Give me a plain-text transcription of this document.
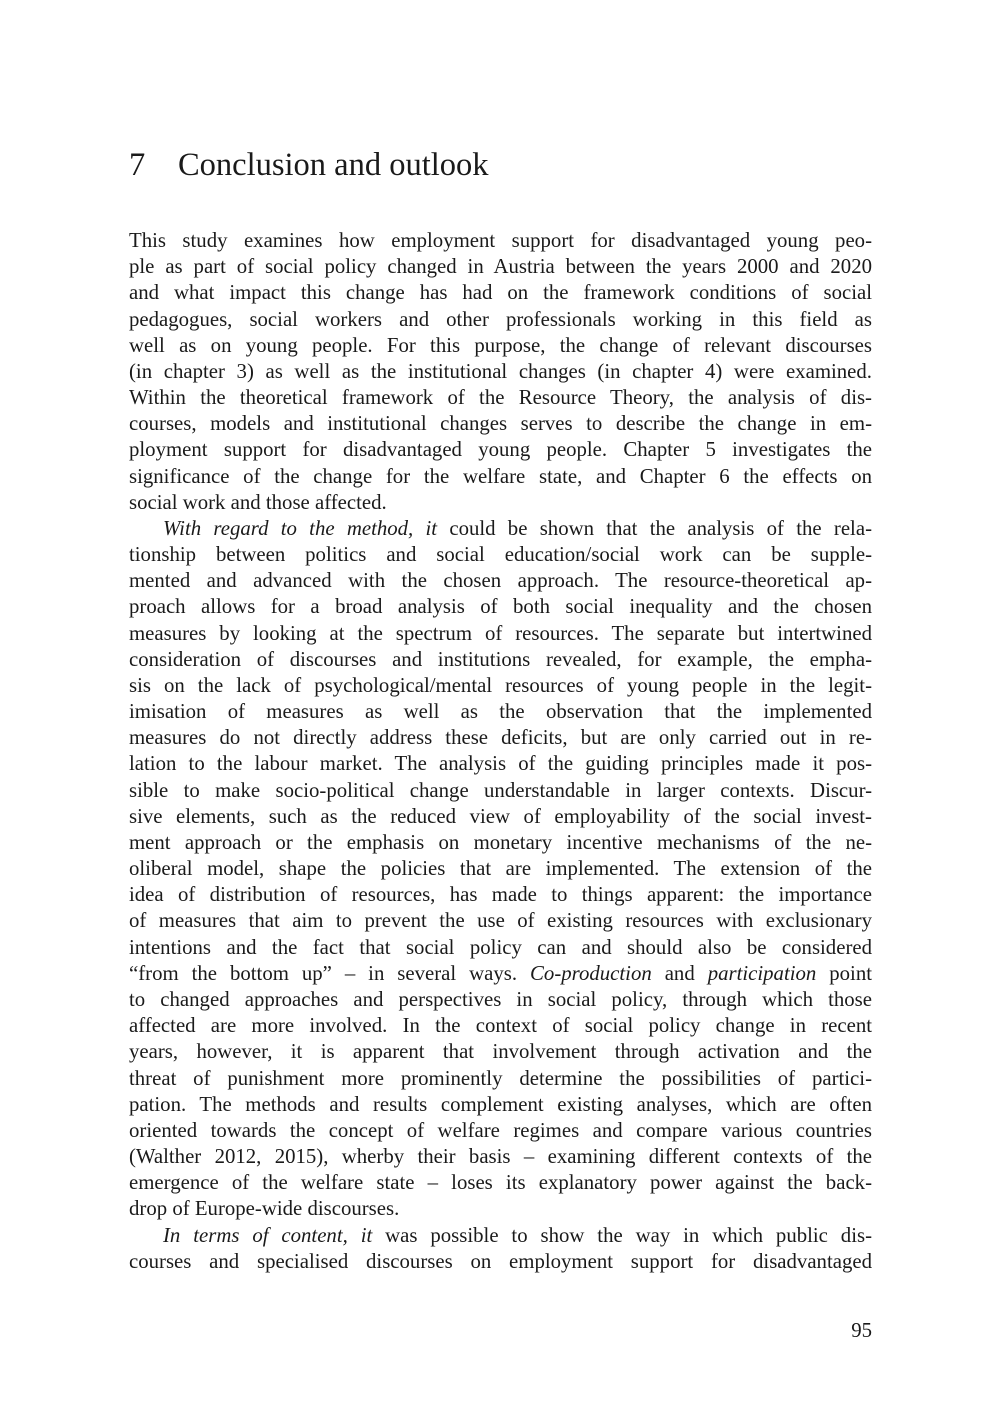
7 Conclusion and outlook
This study examines how employment support for disadvantaged young peo-
ple as part of social policy changed in Austria between the years 2000 and 2020
and what impact this change has had on the framework conditions of social
pedagogues, social workers and other professionals working in this field as
well as on young people. For this purpose, the change of relevant discourses
(in chapter 3) as well as the institutional changes (in chapter 4) were examined.
Within the theoretical framework of the Resource Theory, the analysis of dis-
courses, models and institutional changes serves to describe the change in em-
ployment support for disadvantaged young people. Chapter 5 investigates the
significance of the change for the welfare state, and Chapter 6 the effects on
social work and those affected.
With regard to the method, it could be shown that the analysis of the rela-
tionship between politics and social education/social work can be supple-
mented and advanced with the chosen approach. The resource-theoretical ap-
proach allows for a broad analysis of both social inequality and the chosen
measures by looking at the spectrum of resources. The separate but intertwined
consideration of discourses and institutions revealed, for example, the empha-
sis on the lack of psychological/mental resources of young people in the legit-
imisation of measures as well as the observation that the implemented
measures do not directly address these deficits, but are only carried out in re-
lation to the labour market. The analysis of the guiding principles made it pos-
sible to make socio-political change understandable in larger contexts. Discur-
sive elements, such as the reduced view of employability of the social invest-
ment approach or the emphasis on monetary incentive mechanisms of the ne-
oliberal model, shape the policies that are implemented. The extension of the
idea of distribution of resources, has made to things apparent: the importance
of measures that aim to prevent the use of existing resources with exclusionary
intentions and the fact that social policy can and should also be considered
“from the bottom up” – in several ways. Co-production and participation point
to changed approaches and perspectives in social policy, through which those
affected are more involved. In the context of social policy change in recent
years, however, it is apparent that involvement through activation and the
threat of punishment more prominently determine the possibilities of partici-
pation. The methods and results complement existing analyses, which are often
oriented towards the concept of welfare regimes and compare various countries
(Walther 2012, 2015), wherby their basis – examining different contexts of the
emergence of the welfare state – loses its explanatory power against the back-
drop of Europe-wide discourses.
In terms of content, it was possible to show the way in which public dis-
courses and specialised discourses on employment support for disadvantaged
95
